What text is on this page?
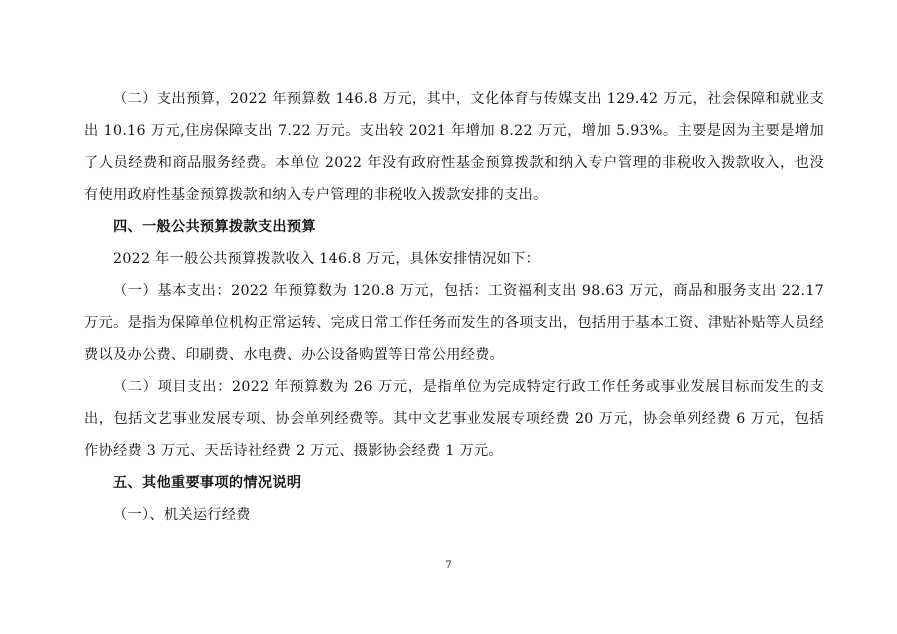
（二）支出预算，2022 年预算数 146.8 万元，其中，文化体育与传媒支出 129.42 万元，社会保障和就业支出 10.16 万元,住房保障支出 7.22 万元。支出较 2021 年增加 8.22 万元，增加 5.93%。主要是因为主要是增加了人员经费和商品服务经费。本单位 2022 年没有政府性基金预算拨款和纳入专户管理的非税收入拨款收入，也没有使用政府性基金预算拨款和纳入专户管理的非税收入拨款安排的支出。

四、一般公共预算拨款支出预算

2022 年一般公共预算拨款收入 146.8 万元，具体安排情况如下：

（一）基本支出：2022 年预算数为 120.8 万元，包括：工资福利支出 98.63 万元，商品和服务支出 22.17 万元。是指为保障单位机构正常运转、完成日常工作任务而发生的各项支出，包括用于基本工资、津贴补贴等人员经费以及办公费、印刷费、水电费、办公设备购置等日常公用经费。

（二）项目支出：2022 年预算数为 26 万元，是指单位为完成特定行政工作任务或事业发展目标而发生的支出，包括文艺事业发展专项、协会单列经费等。其中文艺事业发展专项经费 20 万元，协会单列经费 6 万元，包括作协经费 3 万元、天岳诗社经费 2 万元、摄影协会经费 1 万元。

五、其他重要事项的情况说明

（一）、机关运行经费

7
